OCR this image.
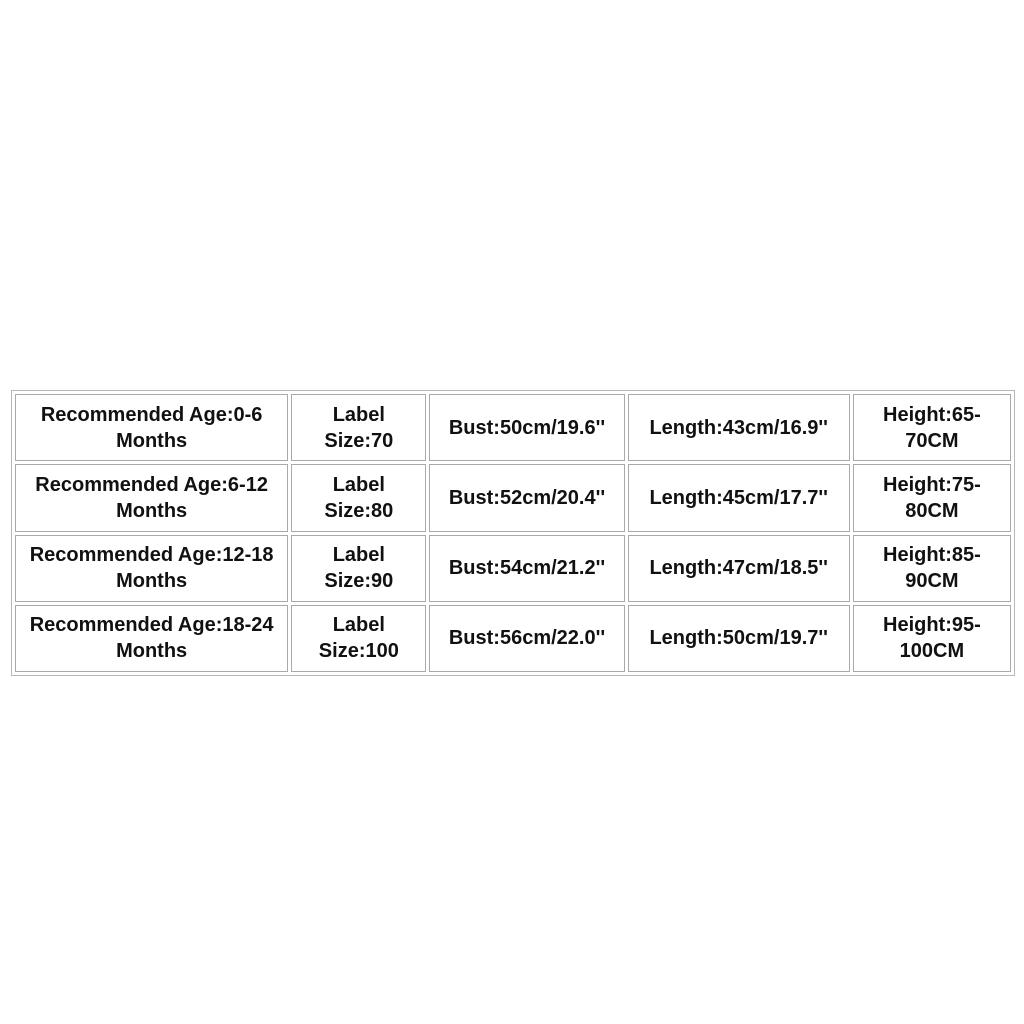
Recommended Age:0-6 Months	Label Size:70	Bust:50cm/19.6''	Length:43cm/16.9''	Height:65-70CM
Recommended Age:6-12 Months	Label Size:80	Bust:52cm/20.4''	Length:45cm/17.7''	Height:75-80CM
Recommended Age:12-18 Months	Label Size:90	Bust:54cm/21.2''	Length:47cm/18.5''	Height:85-90CM
Recommended Age:18-24 Months	Label Size:100	Bust:56cm/22.0''	Length:50cm/19.7''	Height:95-100CM
